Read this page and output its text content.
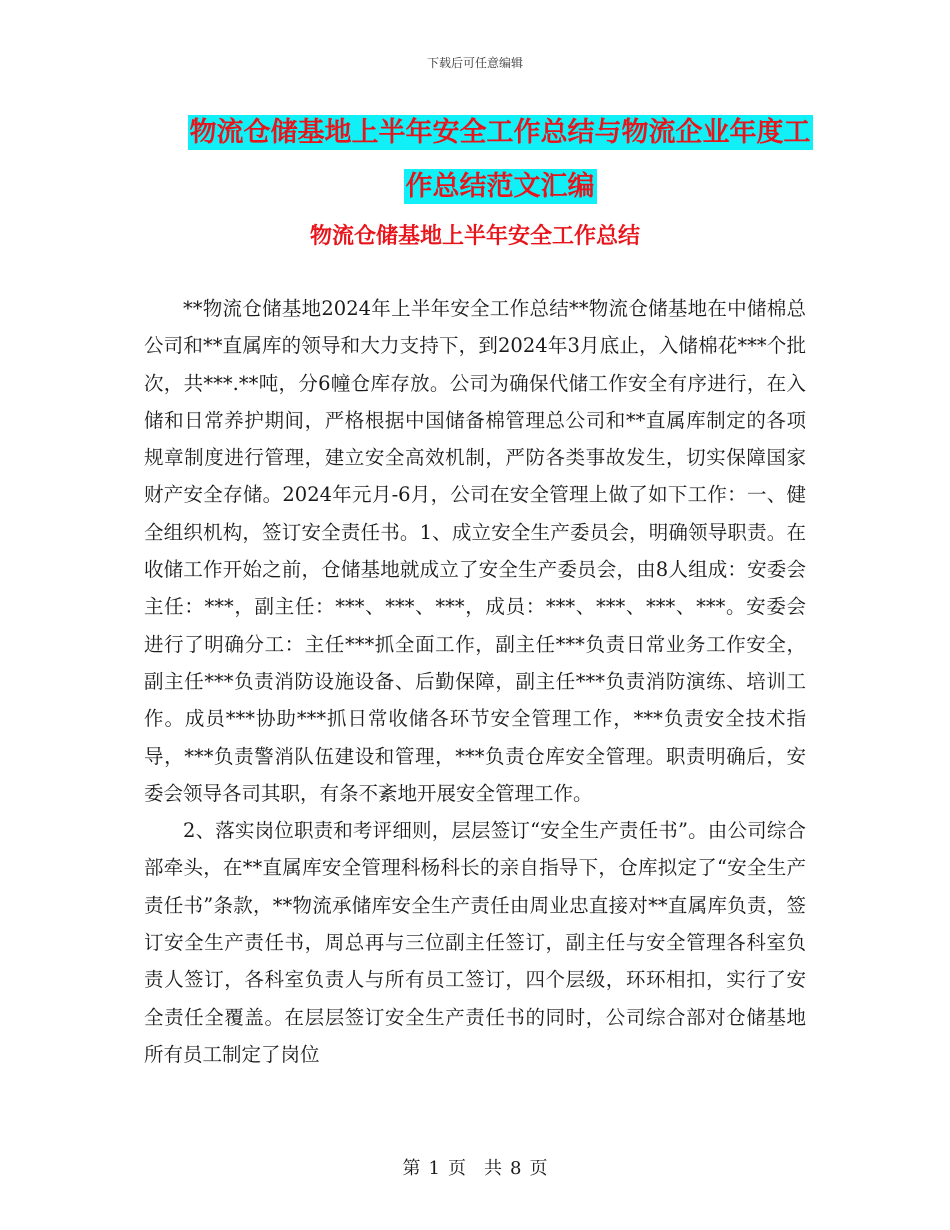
下载后可任意编辑
物流仓储基地上半年安全工作总结与物流企业年度工
作总结范文汇编
物流仓储基地上半年安全工作总结

**物流仓储基地2024年上半年安全工作总结**物流仓储基地在中储棉总公司和**直属库的领导和大力支持下，到2024年3月底止，入储棉花***个批次，共***.**吨，分6幢仓库存放。公司为确保代储工作安全有序进行，在入储和日常养护期间，严格根据中国储备棉管理总公司和**直属库制定的各项规章制度进行管理，建立安全高效机制，严防各类事故发生，切实保障国家财产安全存储。2024年元月-6月，公司在安全管理上做了如下工作：一、健全组织机构，签订安全责任书。1、成立安全生产委员会，明确领导职责。在收储工作开始之前，仓储基地就成立了安全生产委员会，由8人组成：安委会主任：***，副主任：***、***、***，成员：***、***、***、***。安委会进行了明确分工：主任***抓全面工作，副主任***负责日常业务工作安全，副主任***负责消防设施设备、后勤保障，副主任***负责消防演练、培训工作。成员***协助***抓日常收储各环节安全管理工作，***负责安全技术指导，***负责警消队伍建设和管理，***负责仓库安全管理。职责明确后，安委会领导各司其职，有条不紊地开展安全管理工作。

2、落实岗位职责和考评细则，层层签订“安全生产责任书”。由公司综合部牵头，在**直属库安全管理科杨科长的亲自指导下，仓库拟定了“安全生产责任书”条款，**物流承储库安全生产责任由周业忠直接对**直属库负责，签订安全生产责任书，周总再与三位副主任签订，副主任与安全管理各科室负责人签订，各科室负责人与所有员工签订，四个层级，环环相扣，实行了安全责任全覆盖。在层层签订安全生产责任书的同时，公司综合部对仓储基地所有员工制定了岗位

第 1 页　共 8 页
